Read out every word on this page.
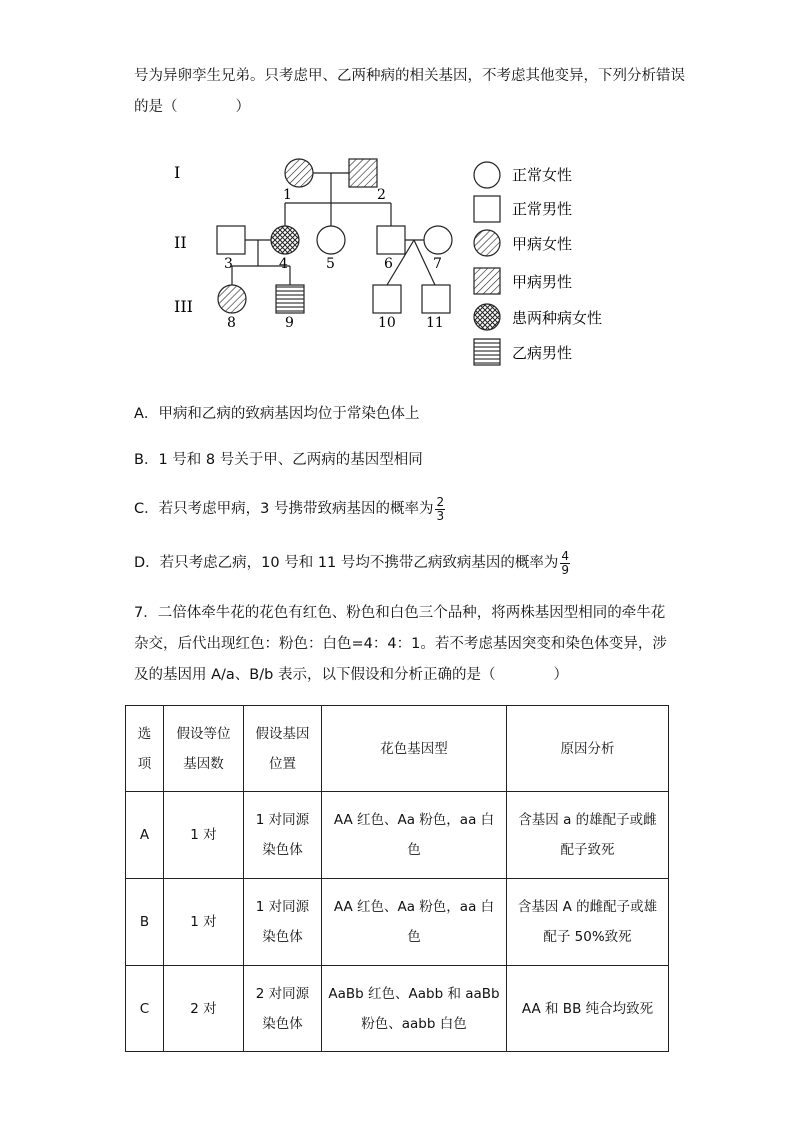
号为异卵孪生兄弟。只考虑甲、乙两种病的相关基因，不考虑其他变异，下列分析错误
的是（　　　　）
I
II
III
1	2
3	4	5	6	7
8	9	10 11
正常女性
正常男性
甲病女性
甲病男性
患两种病女性
乙病男性
A．甲病和乙病的致病基因均位于常染色体上
B．1 号和 8 号关于甲、乙两病的基因型相同
C．若只考虑甲病，3 号携带致病基因的概率为 $\frac{2}{3}$
D．若只考虑乙病，10 号和 11 号均不携带乙病致病基因的概率为 $\frac{4}{9}$
7．二倍体牵牛花的花色有红色、粉色和白色三个品种，将两株基因型相同的牵牛花杂交，后代出现红色：粉色：白色=4：4：1。若不考虑基因突变和染色体变异，涉及的基因用 A/a、B/b 表示，以下假设和分析正确的是（　　　　）
选项	假设等位基因数	假设基因位置	花色基因型	原因分析
A	1 对	1 对同源染色体	AA 红色、Aa 粉色，aa 白色	含基因 a 的雄配子或雌配子致死
B	1 对	1 对同源染色体	AA 红色、Aa 粉色，aa 白色	含基因 A 的雌配子或雄配子 50%致死
C	2 对	2 对同源染色体	AaBb 红色、Aabb 和 aaBb 粉色、aabb 白色	AA 和 BB 纯合均致死
